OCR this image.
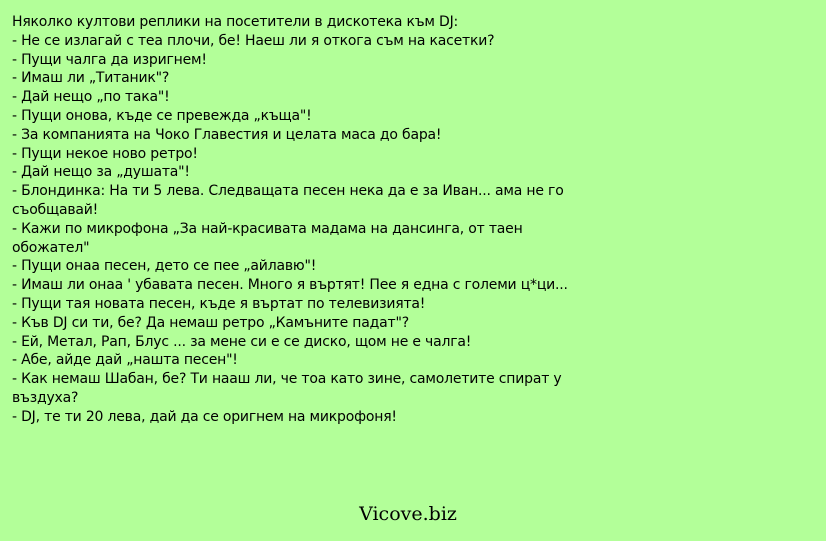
Няколко култови реплики на посетители в дискотека към DJ:
- Не се излагай с теа плочи, бе! Наеш ли я откога съм на касетки?
- Пущи чалга да изригнем!
- Имаш ли „Титаник"?
- Дай нещо „по така"!
- Пущи онова, къде се превежда „къща"!
- За компанията на Чоко Главестия и целата маса до бара!
- Пущи некое ново ретро!
- Дай нещо за „душата"!
- Блондинка: На ти 5 лева. Следващата песен нека да е за Иван... ама не го съобщавай!
- Кажи по микрофона „За най-красивата мадама на дансинга, от таен обожател"
- Пущи онаа песен, дето се пее „айлавю"!
- Имаш ли онаа ' убавата песен. Много я въртят! Пее я една с големи ц*ци...
- Пущи тая новата песен, къде я въртат по телевизията!
- Къв DJ си ти, бе? Да немаш ретро „Камъните падат"?
- Ей, Метал, Рап, Блус ... за мене си е се диско, щом не е чалга!
- Абе, айде дай „нашта песен"!
- Как немаш Шабан, бе? Ти нааш ли, че тоа като зине, самолетите спират у въздуха?
- DJ, те ти 20 лева, дай да се оригнем на микрофоня!
Vicove.biz
